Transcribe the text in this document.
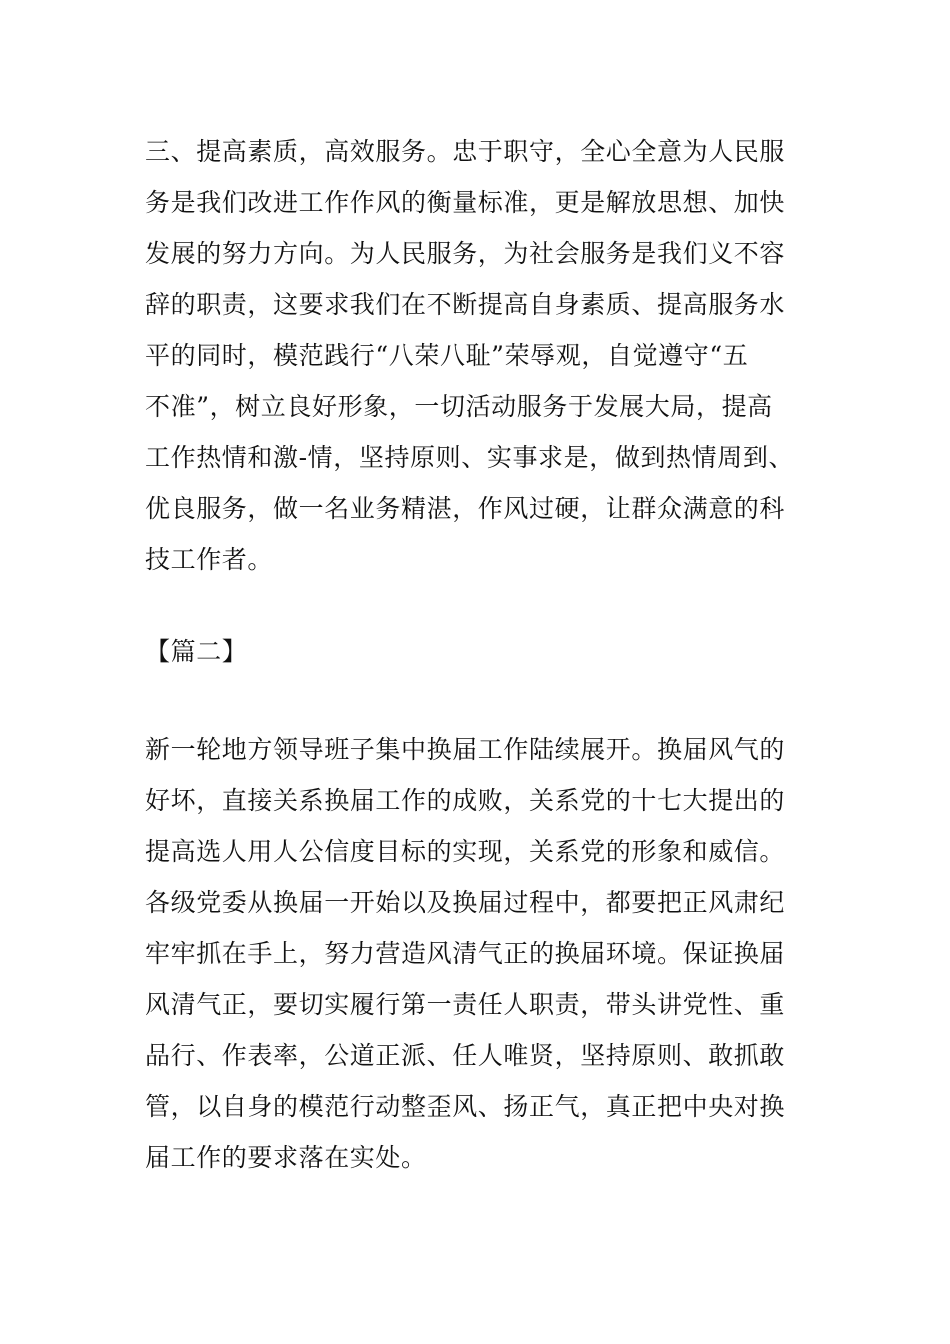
三、提高素质，高效服务。忠于职守，全心全意为人民服
务是我们改进工作作风的衡量标准，更是解放思想、加快
发展的努力方向。为人民服务，为社会服务是我们义不容
辞的职责，这要求我们在不断提高自身素质、提高服务水
平的同时，模范践行“八荣八耻”荣辱观，自觉遵守“五
不准”，树立良好形象，一切活动服务于发展大局，提高
工作热情和激-情，坚持原则、实事求是，做到热情周到、
优良服务，做一名业务精湛，作风过硬，让群众满意的科
技工作者。
【篇二】
新一轮地方领导班子集中换届工作陆续展开。换届风气的
好坏，直接关系换届工作的成败，关系党的十七大提出的
提高选人用人公信度目标的实现，关系党的形象和威信。
各级党委从换届一开始以及换届过程中，都要把正风肃纪
牢牢抓在手上，努力营造风清气正的换届环境。保证换届
风清气正，要切实履行第一责任人职责，带头讲党性、重
品行、作表率，公道正派、任人唯贤，坚持原则、敢抓敢
管，以自身的模范行动整歪风、扬正气，真正把中央对换
届工作的要求落在实处。
